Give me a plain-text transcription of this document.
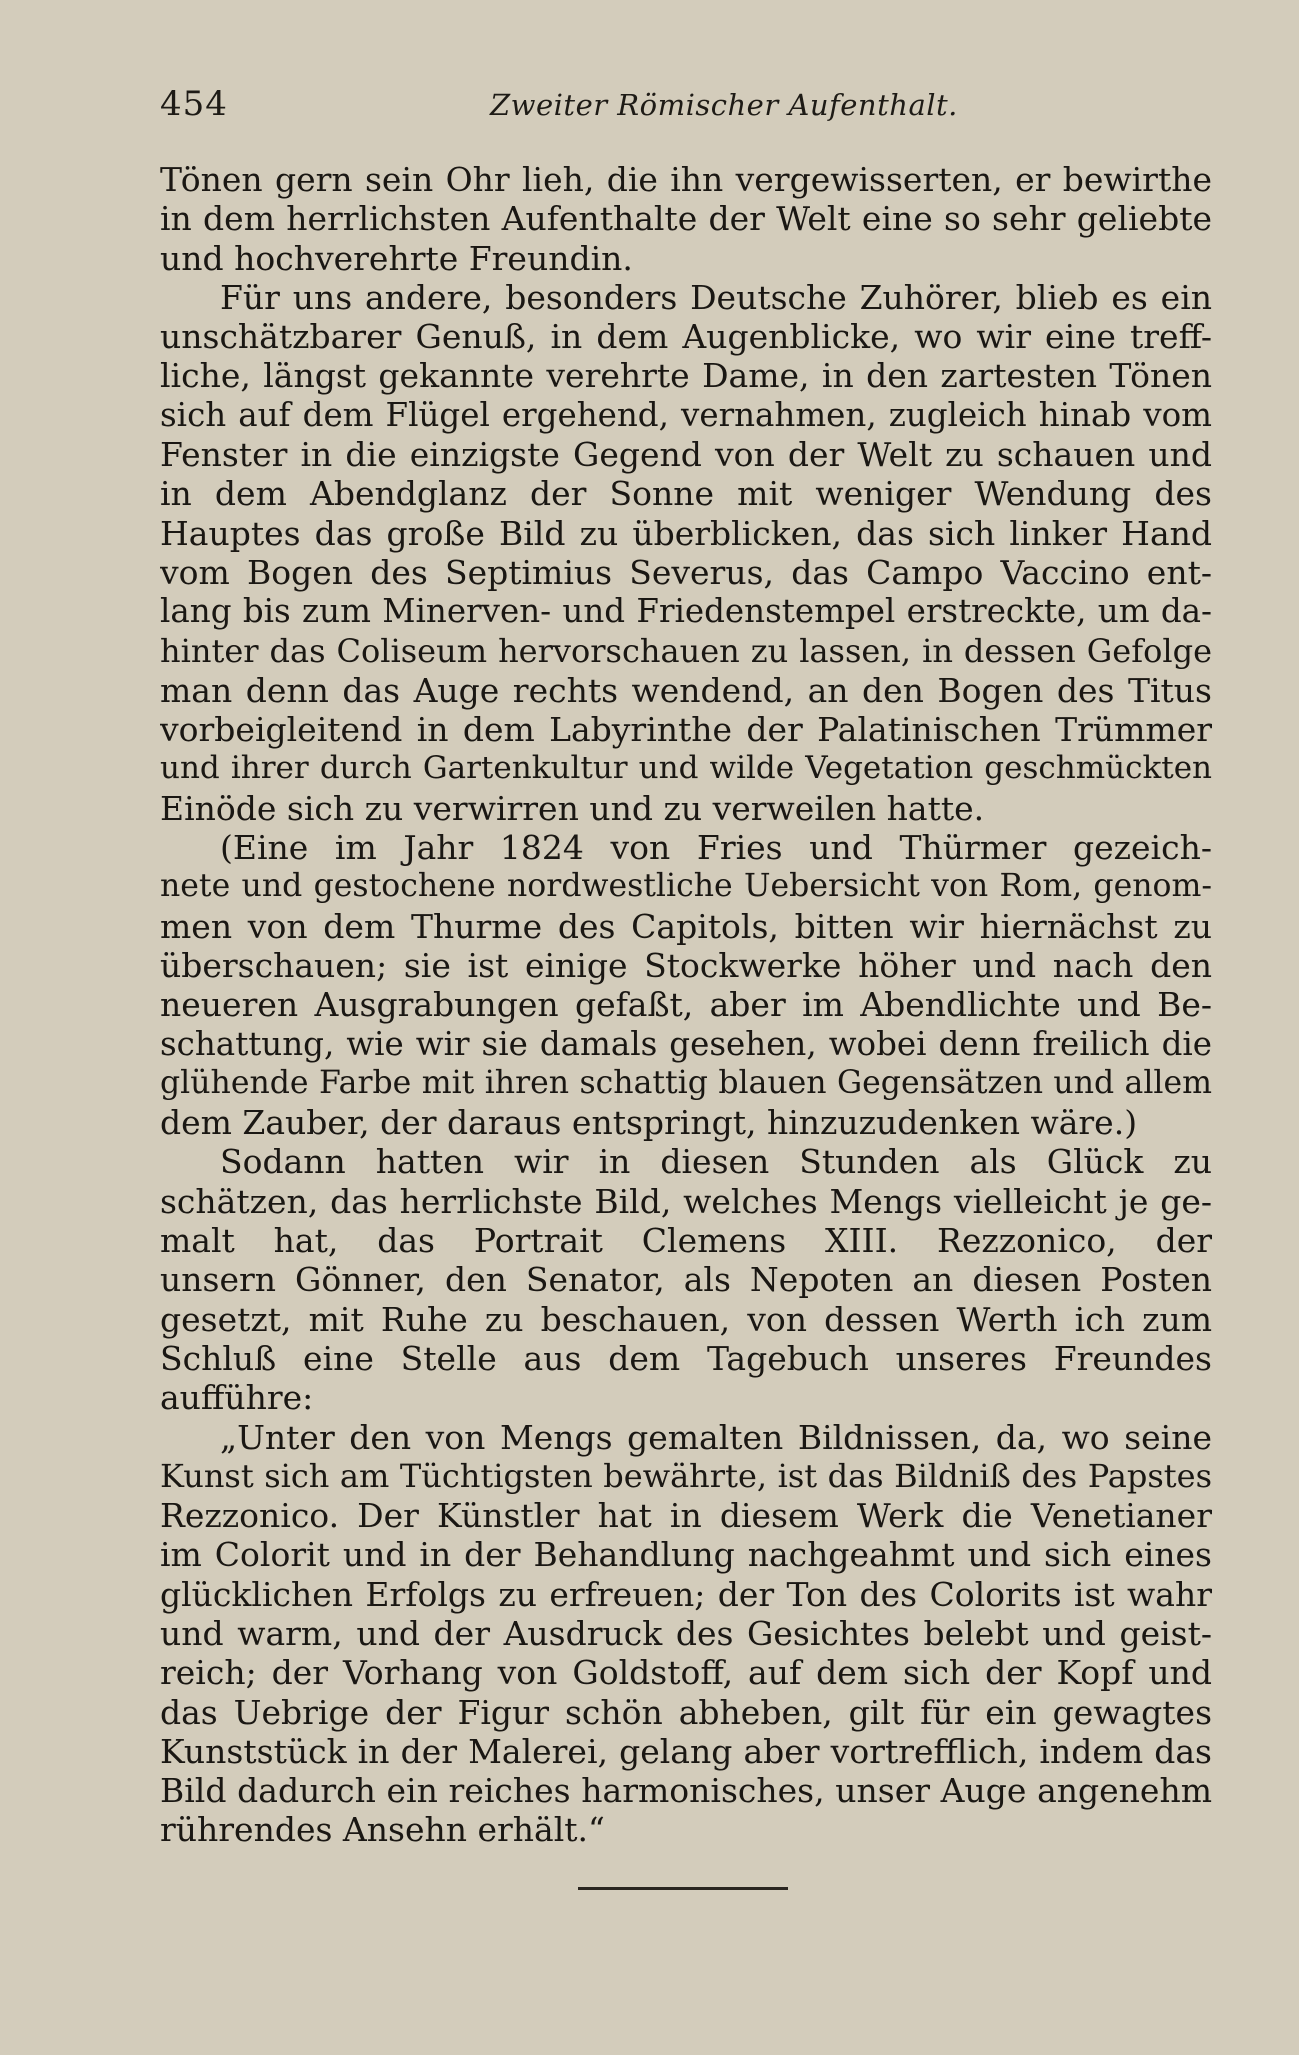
454	Zweiter Römischer Aufenthalt.
Tönen gern sein Ohr lieh, die ihn vergewisserten, er bewirthe
in dem herrlichsten Aufenthalte der Welt eine so sehr geliebte
und hochverehrte Freundin.
Für uns andere, besonders Deutsche Zuhörer, blieb es ein
unschätzbarer Genuß, in dem Augenblicke, wo wir eine treff-
liche, längst gekannte verehrte Dame, in den zartesten Tönen
sich auf dem Flügel ergehend, vernahmen, zugleich hinab vom
Fenster in die einzigste Gegend von der Welt zu schauen und
in dem Abendglanz der Sonne mit weniger Wendung des
Hauptes das große Bild zu überblicken, das sich linker Hand
vom Bogen des Septimius Severus, das Campo Vaccino ent-
lang bis zum Minerven- und Friedenstempel erstreckte, um da-
hinter das Coliseum hervorschauen zu lassen, in dessen Gefolge
man denn das Auge rechts wendend, an den Bogen des Titus
vorbeigleitend in dem Labyrinthe der Palatinischen Trümmer
und ihrer durch Gartenkultur und wilde Vegetation geschmückten
Einöde sich zu verwirren und zu verweilen hatte.
(Eine im Jahr 1824 von Fries und Thürmer gezeich-
nete und gestochene nordwestliche Uebersicht von Rom, genom-
men von dem Thurme des Capitols, bitten wir hiernächst zu
überschauen; sie ist einige Stockwerke höher und nach den
neueren Ausgrabungen gefaßt, aber im Abendlichte und Be-
schattung, wie wir sie damals gesehen, wobei denn freilich die
glühende Farbe mit ihren schattig blauen Gegensätzen und allem
dem Zauber, der daraus entspringt, hinzuzudenken wäre.)
Sodann hatten wir in diesen Stunden als Glück zu
schätzen, das herrlichste Bild, welches Mengs vielleicht je ge-
malt hat, das Portrait Clemens XIII. Rezzonico, der
unsern Gönner, den Senator, als Nepoten an diesen Posten
gesetzt, mit Ruhe zu beschauen, von dessen Werth ich zum
Schluß eine Stelle aus dem Tagebuch unseres Freundes
aufführe:
„Unter den von Mengs gemalten Bildnissen, da, wo seine
Kunst sich am Tüchtigsten bewährte, ist das Bildniß des Papstes
Rezzonico. Der Künstler hat in diesem Werk die Venetianer
im Colorit und in der Behandlung nachgeahmt und sich eines
glücklichen Erfolgs zu erfreuen; der Ton des Colorits ist wahr
und warm, und der Ausdruck des Gesichtes belebt und geist-
reich; der Vorhang von Goldstoff, auf dem sich der Kopf und
das Uebrige der Figur schön abheben, gilt für ein gewagtes
Kunststück in der Malerei, gelang aber vortrefflich, indem das
Bild dadurch ein reiches harmonisches, unser Auge angenehm
rührendes Ansehn erhält.“
